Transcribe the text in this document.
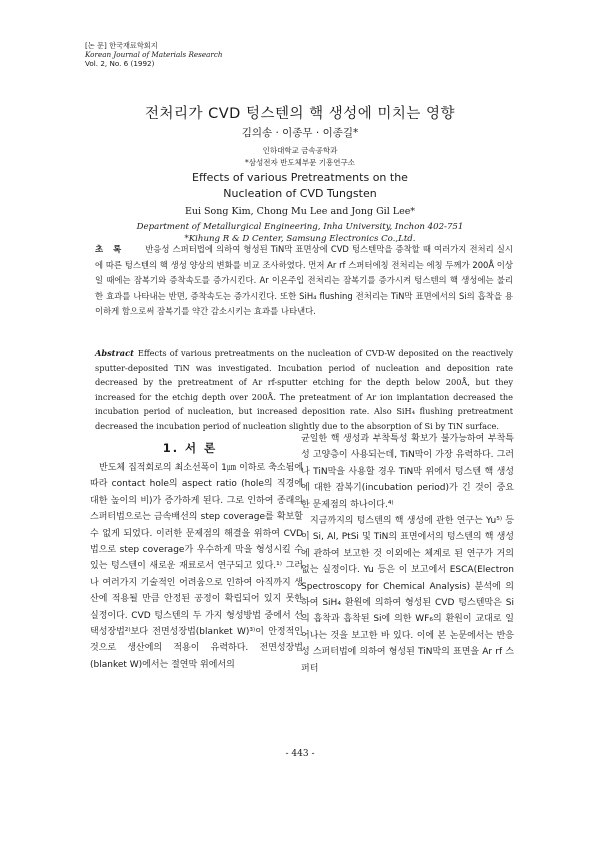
[논 문] 한국재료학회지
Korean Journal of Materials Research
Vol. 2, No. 6 (1992)
전처리가 CVD 텅스텐의 핵 생성에 미치는 영향
김의송 · 이종무 · 이종길*
인하대학교 금속공학과
*삼성전자 반도체부문 기흥연구소
Effects of various Pretreatments on the
Nucleation of CVD Tungsten
Eui Song Kim, Chong Mu Lee and Jong Gil Lee*
Department of Metallurgical Engineering, Inha University, Inchon 402-751
*Kihung R & D Center, Samsung Electronics Co.,Ltd.
초록 반응성 스퍼터법에 의하여 형성된 TiN막 표면상에 CVD 텅스텐막을 증착할 때 여러가지 전처리 실시에 따른 텅스텐의 핵 생성 양상의 변화를 비교 조사하였다. 먼저 Ar rf 스퍼터에칭 전처리는 에칭 두께가 200Å 이상일 때에는 잠복기와 증착속도를 증가시킨다. Ar 이온주입 전처리는 잠복기를 증가시켜 텅스텐의 핵 생성에는 불리한 효과를 나타내는 반면, 증착속도는 증가시킨다. 또한 SiH₄ flushing 전처리는 TiN막 표면에서의 Si의 흡착을 용이하게 함으로써 잠복기를 약간 감소시키는 효과를 나타낸다.
Abstract Effects of various pretreatments on the nucleation of CVD-W deposited on the reactively sputter-deposited TiN was investigated. Incubation period of nucleation and deposition rate decreased by the pretreatment of Ar rf-sputter etching for the depth below 200Å, but they increased for the etchig depth over 200Å. The preteatment of Ar ion implantation decreased the incubation period of nucleation, but increased deposition rate. Also SiH₄ flushing pretreatment decreased the incubation period of nucleation slightly due to the absorption of Si by TiN surface.
1. 서 론

반도체 집적회로의 최소선폭이 1㎛ 이하로 축소됨에 따라 contact hole의 aspect ratio (hole의 직경에 대한 높이의 비)가 증가하게 된다. 그로 인하여 종래의 스퍼터법으로는 금속배선의 step coverage를 확보할 수 없게 되었다. 이러한 문제점의 해결을 위하여 CVD법으로 step coverage가 우수하게 막을 형성시킬 수 있는 텅스텐이 새로운 재료로서 연구되고 있다.¹⁾ 그러나 여러가지 기술적인 어려움으로 인하여 아직까지 생산에 적용될 만큼 안정된 공정이 확립되어 있지 못한 실정이다. CVD 텅스텐의 두 가지 형성방법 중에서 선택성장법²⁾보다 전면성장법(blanket W)³⁾이 안정적인 것으로 생산에의 적용이 유력하다. 전면성장법(blanket W)에서는 절연막 위에서의

균일한 핵 생성과 부착특성 확보가 불가능하여 부착특성 고양층이 사용되는데, TiN막이 가장 유력하다. 그러나 TiN막을 사용할 경우 TiN막 위에서 텅스텐 핵 생성에 대한 잠복기(incubation period)가 긴 것이 중요한 문제점의 하나이다.⁴⁾

지금까지의 텅스텐의 핵 생성에 관한 연구는 Yu⁵⁾ 등이 Si, Al, PtSi 및 TiN의 표면에서의 텅스텐의 핵 생성에 관하여 보고한 것 이외에는 체계로 된 연구가 거의 없는 실정이다. Yu 등은 이 보고에서 ESCA(Electron Spectroscopy for Chemical Analysis) 분석에 의하여 SiH₄ 환원에 의하여 형성된 CVD 텅스텐막은 Si의 흡착과 흡착된 Si에 의한 WF₆의 환원이 교대로 일어나는 것을 보고한 바 있다. 이에 본 논문에서는 반응성 스퍼터법에 의하여 형성된 TiN막의 표면을 Ar rf 스퍼터

- 443 -
